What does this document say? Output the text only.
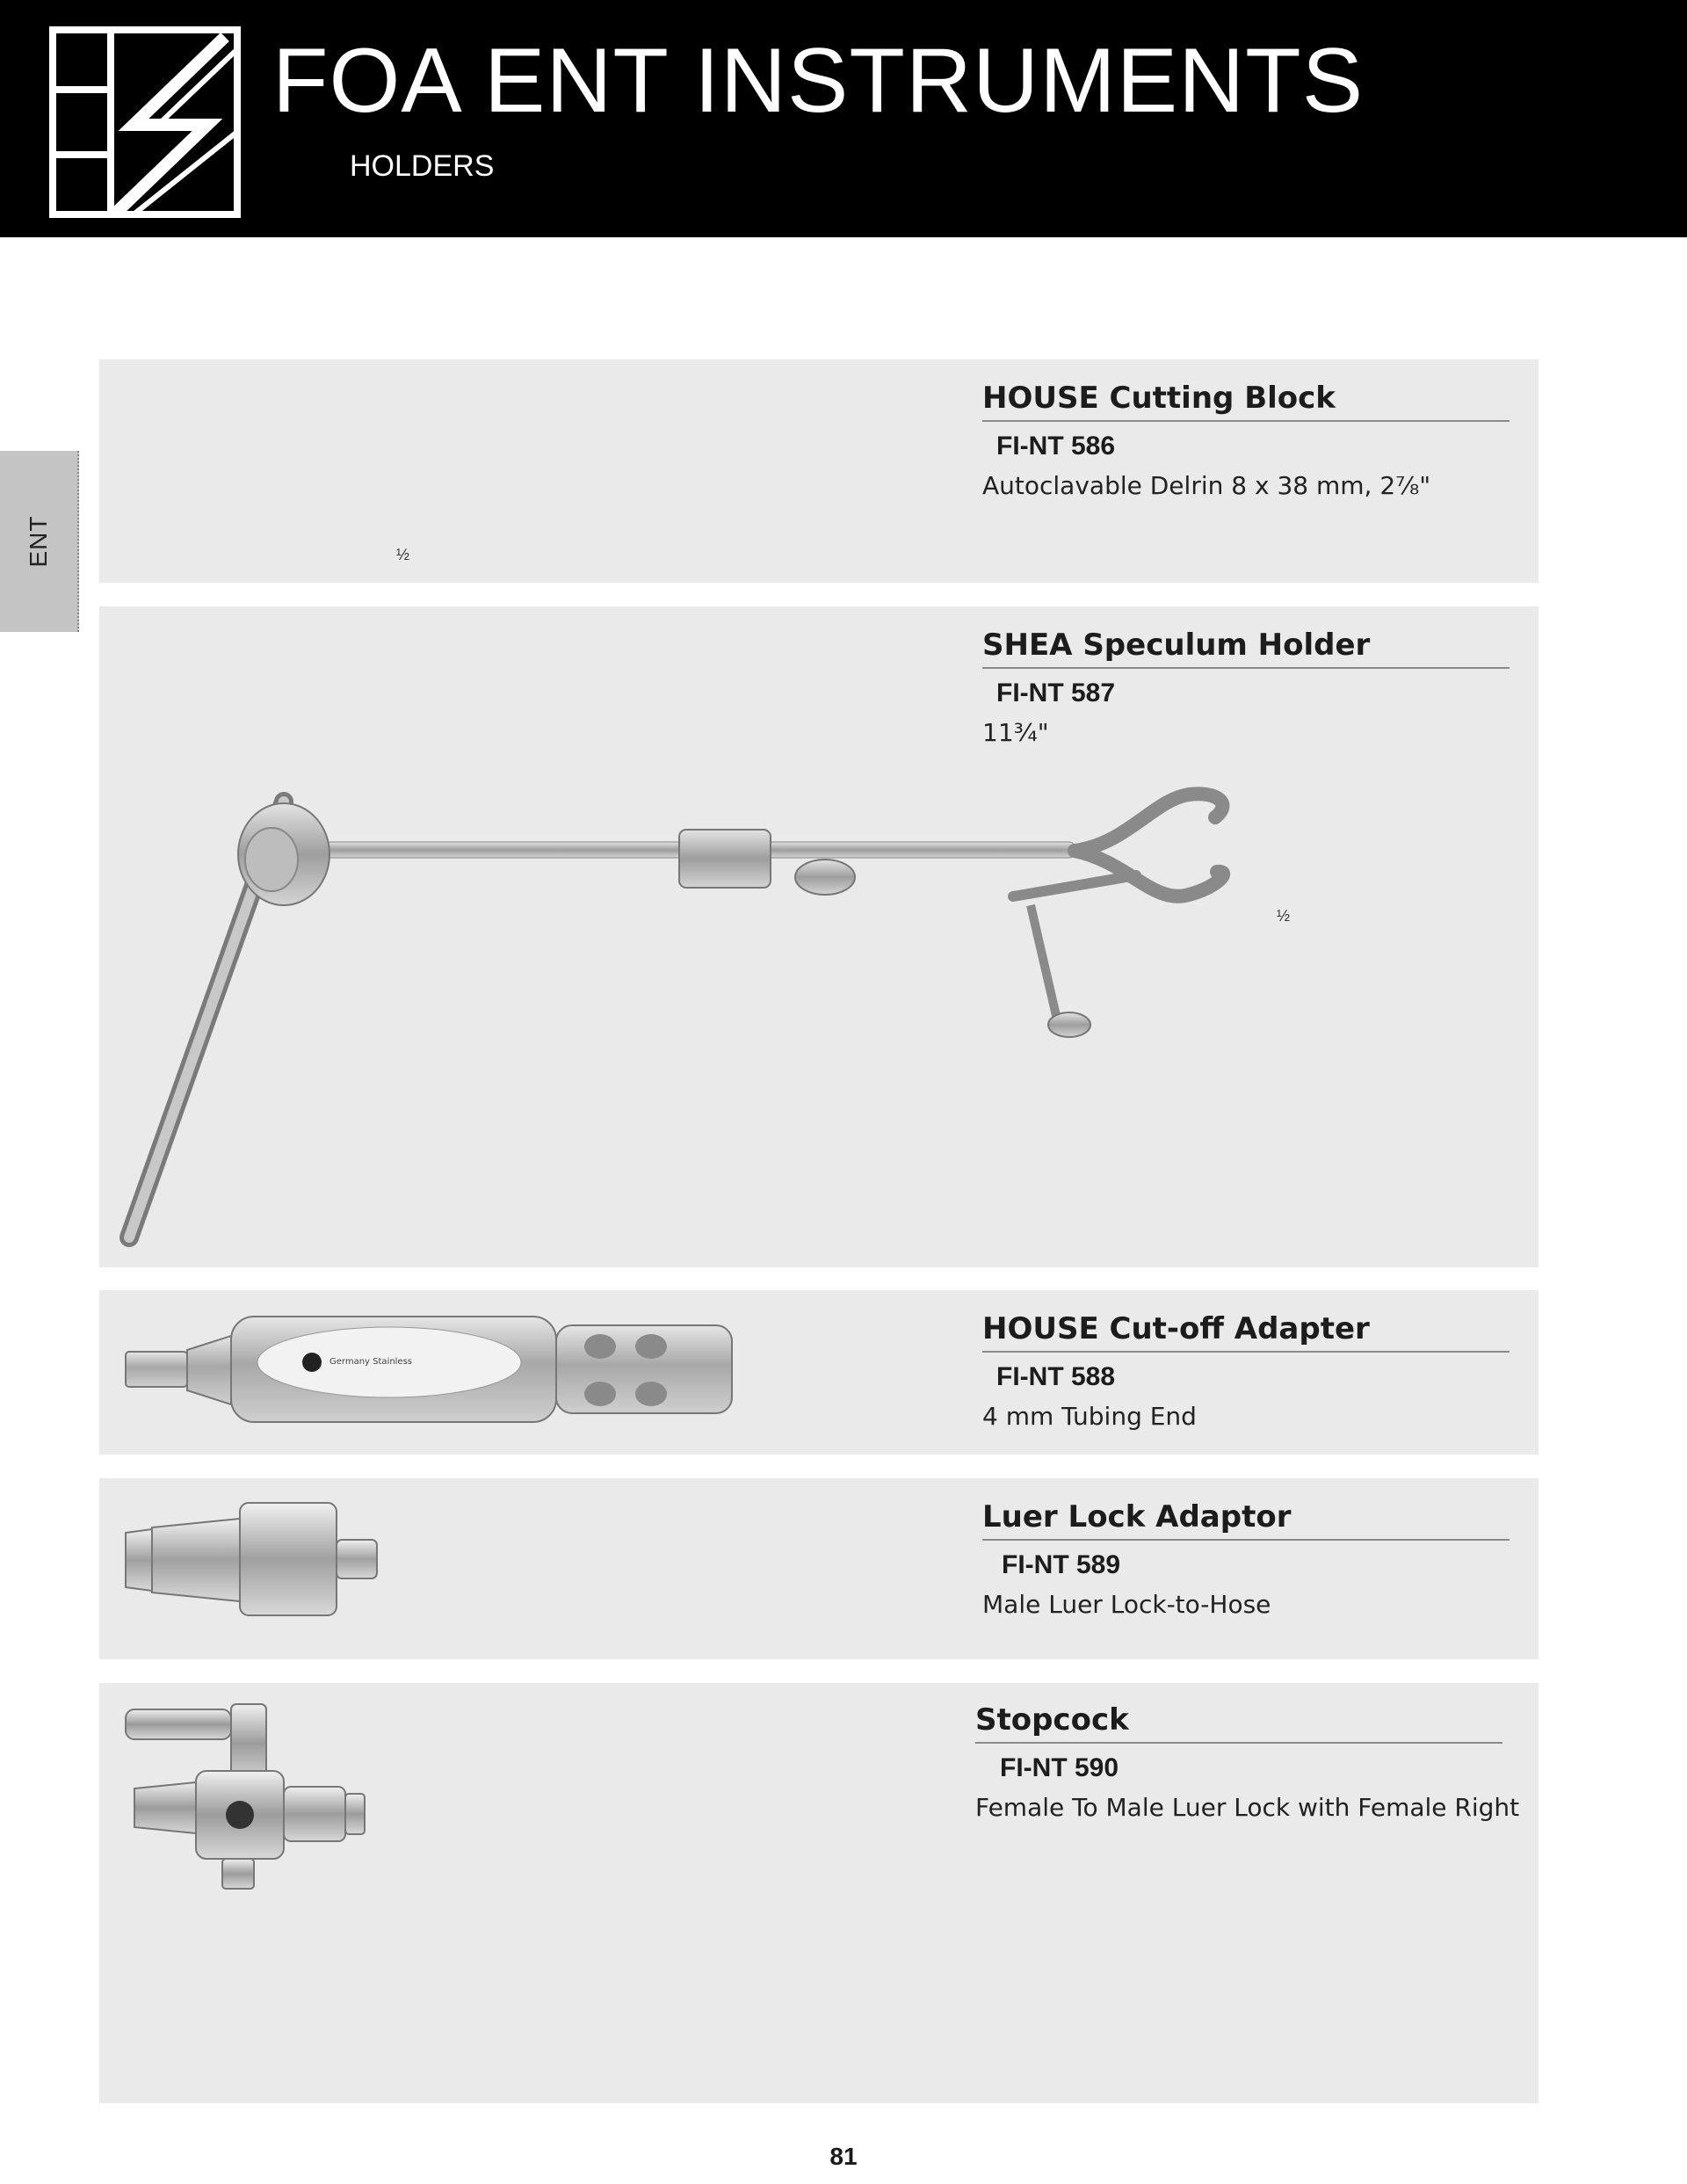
FOA ENT INSTRUMENTS
HOLDERS
ENT
HOUSE Cutting Block
FI-NT 586
Autoclavable Delrin 8 x 38 mm, 2⅞"
½
SHEA Speculum Holder
FI-NT 587
11¾"
½
HOUSE Cut-off Adapter
FI-NT 588
4 mm Tubing End
Germany Stainless
Luer Lock Adaptor
FI-NT 589
Male Luer Lock-to-Hose
Stopcock
FI-NT 590
Female To Male Luer Lock with Female Right
81
